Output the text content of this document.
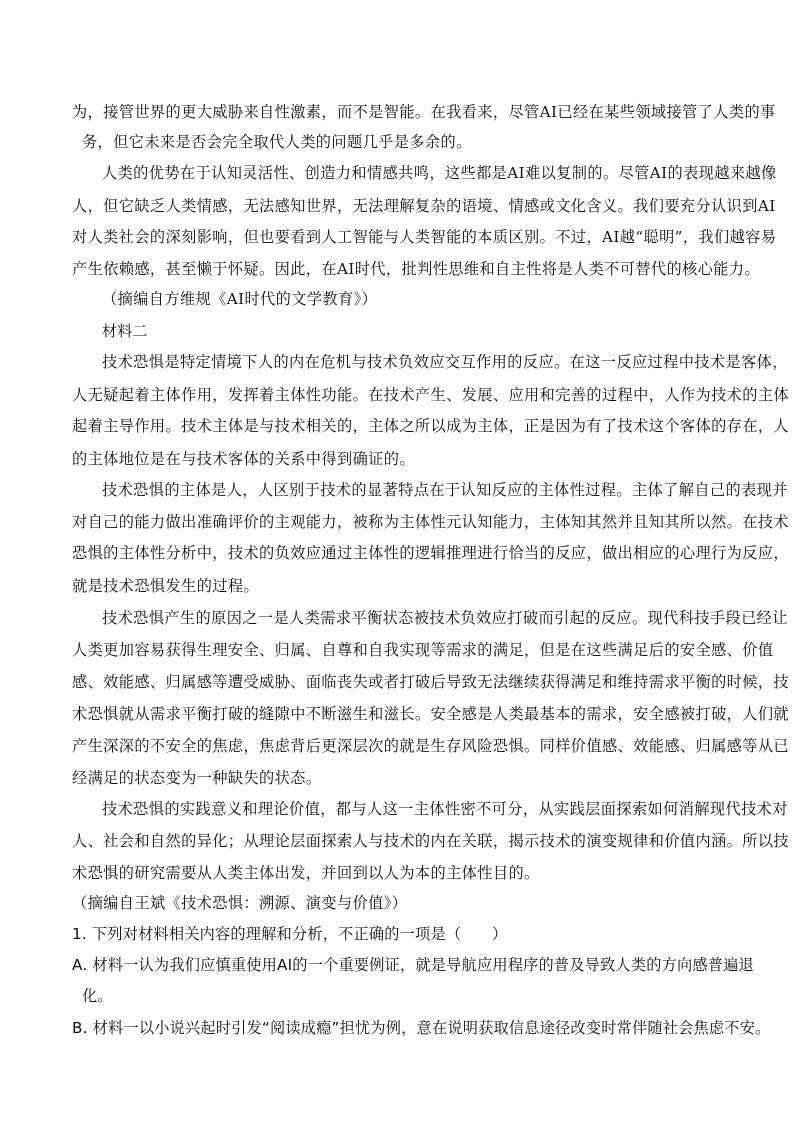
为，接管世界的更大威胁来自性激素，而不是智能。在我看来，尽管AI已经在某些领域接管了人类的事
务，但它未来是否会完全取代人类的问题几乎是多余的。
人类的优势在于认知灵活性、创造力和情感共鸣，这些都是AI难以复制的。尽管AI的表现越来越像
人，但它缺乏人类情感，无法感知世界，无法理解复杂的语境、情感或文化含义。我们要充分认识到AI
对人类社会的深刻影响，但也要看到人工智能与人类智能的本质区别。不过，AI越“聪明”，我们越容易
产生依赖感，甚至懒于怀疑。因此，在AI时代，批判性思维和自主性将是人类不可替代的核心能力。
（摘编自方维规《AI时代的文学教育》）
材料二
技术恐惧是特定情境下人的内在危机与技术负效应交互作用的反应。在这一反应过程中技术是客体，
人无疑起着主体作用，发挥着主体性功能。在技术产生、发展、应用和完善的过程中，人作为技术的主体
起着主导作用。技术主体是与技术相关的，主体之所以成为主体，正是因为有了技术这个客体的存在，人
的主体地位是在与技术客体的关系中得到确证的。
技术恐惧的主体是人，人区别于技术的显著特点在于认知反应的主体性过程。主体了解自己的表现并
对自己的能力做出准确评价的主观能力，被称为主体性元认知能力，主体知其然并且知其所以然。在技术
恐惧的主体性分析中，技术的负效应通过主体性的逻辑推理进行恰当的反应，做出相应的心理行为反应，
就是技术恐惧发生的过程。
技术恐惧产生的原因之一是人类需求平衡状态被技术负效应打破而引起的反应。现代科技手段已经让
人类更加容易获得生理安全、归属、自尊和自我实现等需求的满足，但是在这些满足后的安全感、价值
感、效能感、归属感等遭受威胁、面临丧失或者打破后导致无法继续获得满足和维持需求平衡的时候，技
术恐惧就从需求平衡打破的缝隙中不断滋生和滋长。安全感是人类最基本的需求，安全感被打破，人们就
产生深深的不安全的焦虑，焦虑背后更深层次的就是生存风险恐惧。同样价值感、效能感、归属感等从已
经满足的状态变为一种缺失的状态。
技术恐惧的实践意义和理论价值，都与人这一主体性密不可分，从实践层面探索如何消解现代技术对
人、社会和自然的异化；从理论层面探索人与技术的内在关联，揭示技术的演变规律和价值内涵。所以技
术恐惧的研究需要从人类主体出发，并回到以人为本的主体性目的。
（摘编自王斌《技术恐惧：溯源、演变与价值》）
1. 下列对材料相关内容的理解和分析，不正确的一项是（　　）
A. 材料一认为我们应慎重使用AI的一个重要例证，就是导航应用程序的普及导致人类的方向感普遍退
化。
B. 材料一以小说兴起时引发“阅读成瘾”担忧为例，意在说明获取信息途径改变时常伴随社会焦虑不安。
